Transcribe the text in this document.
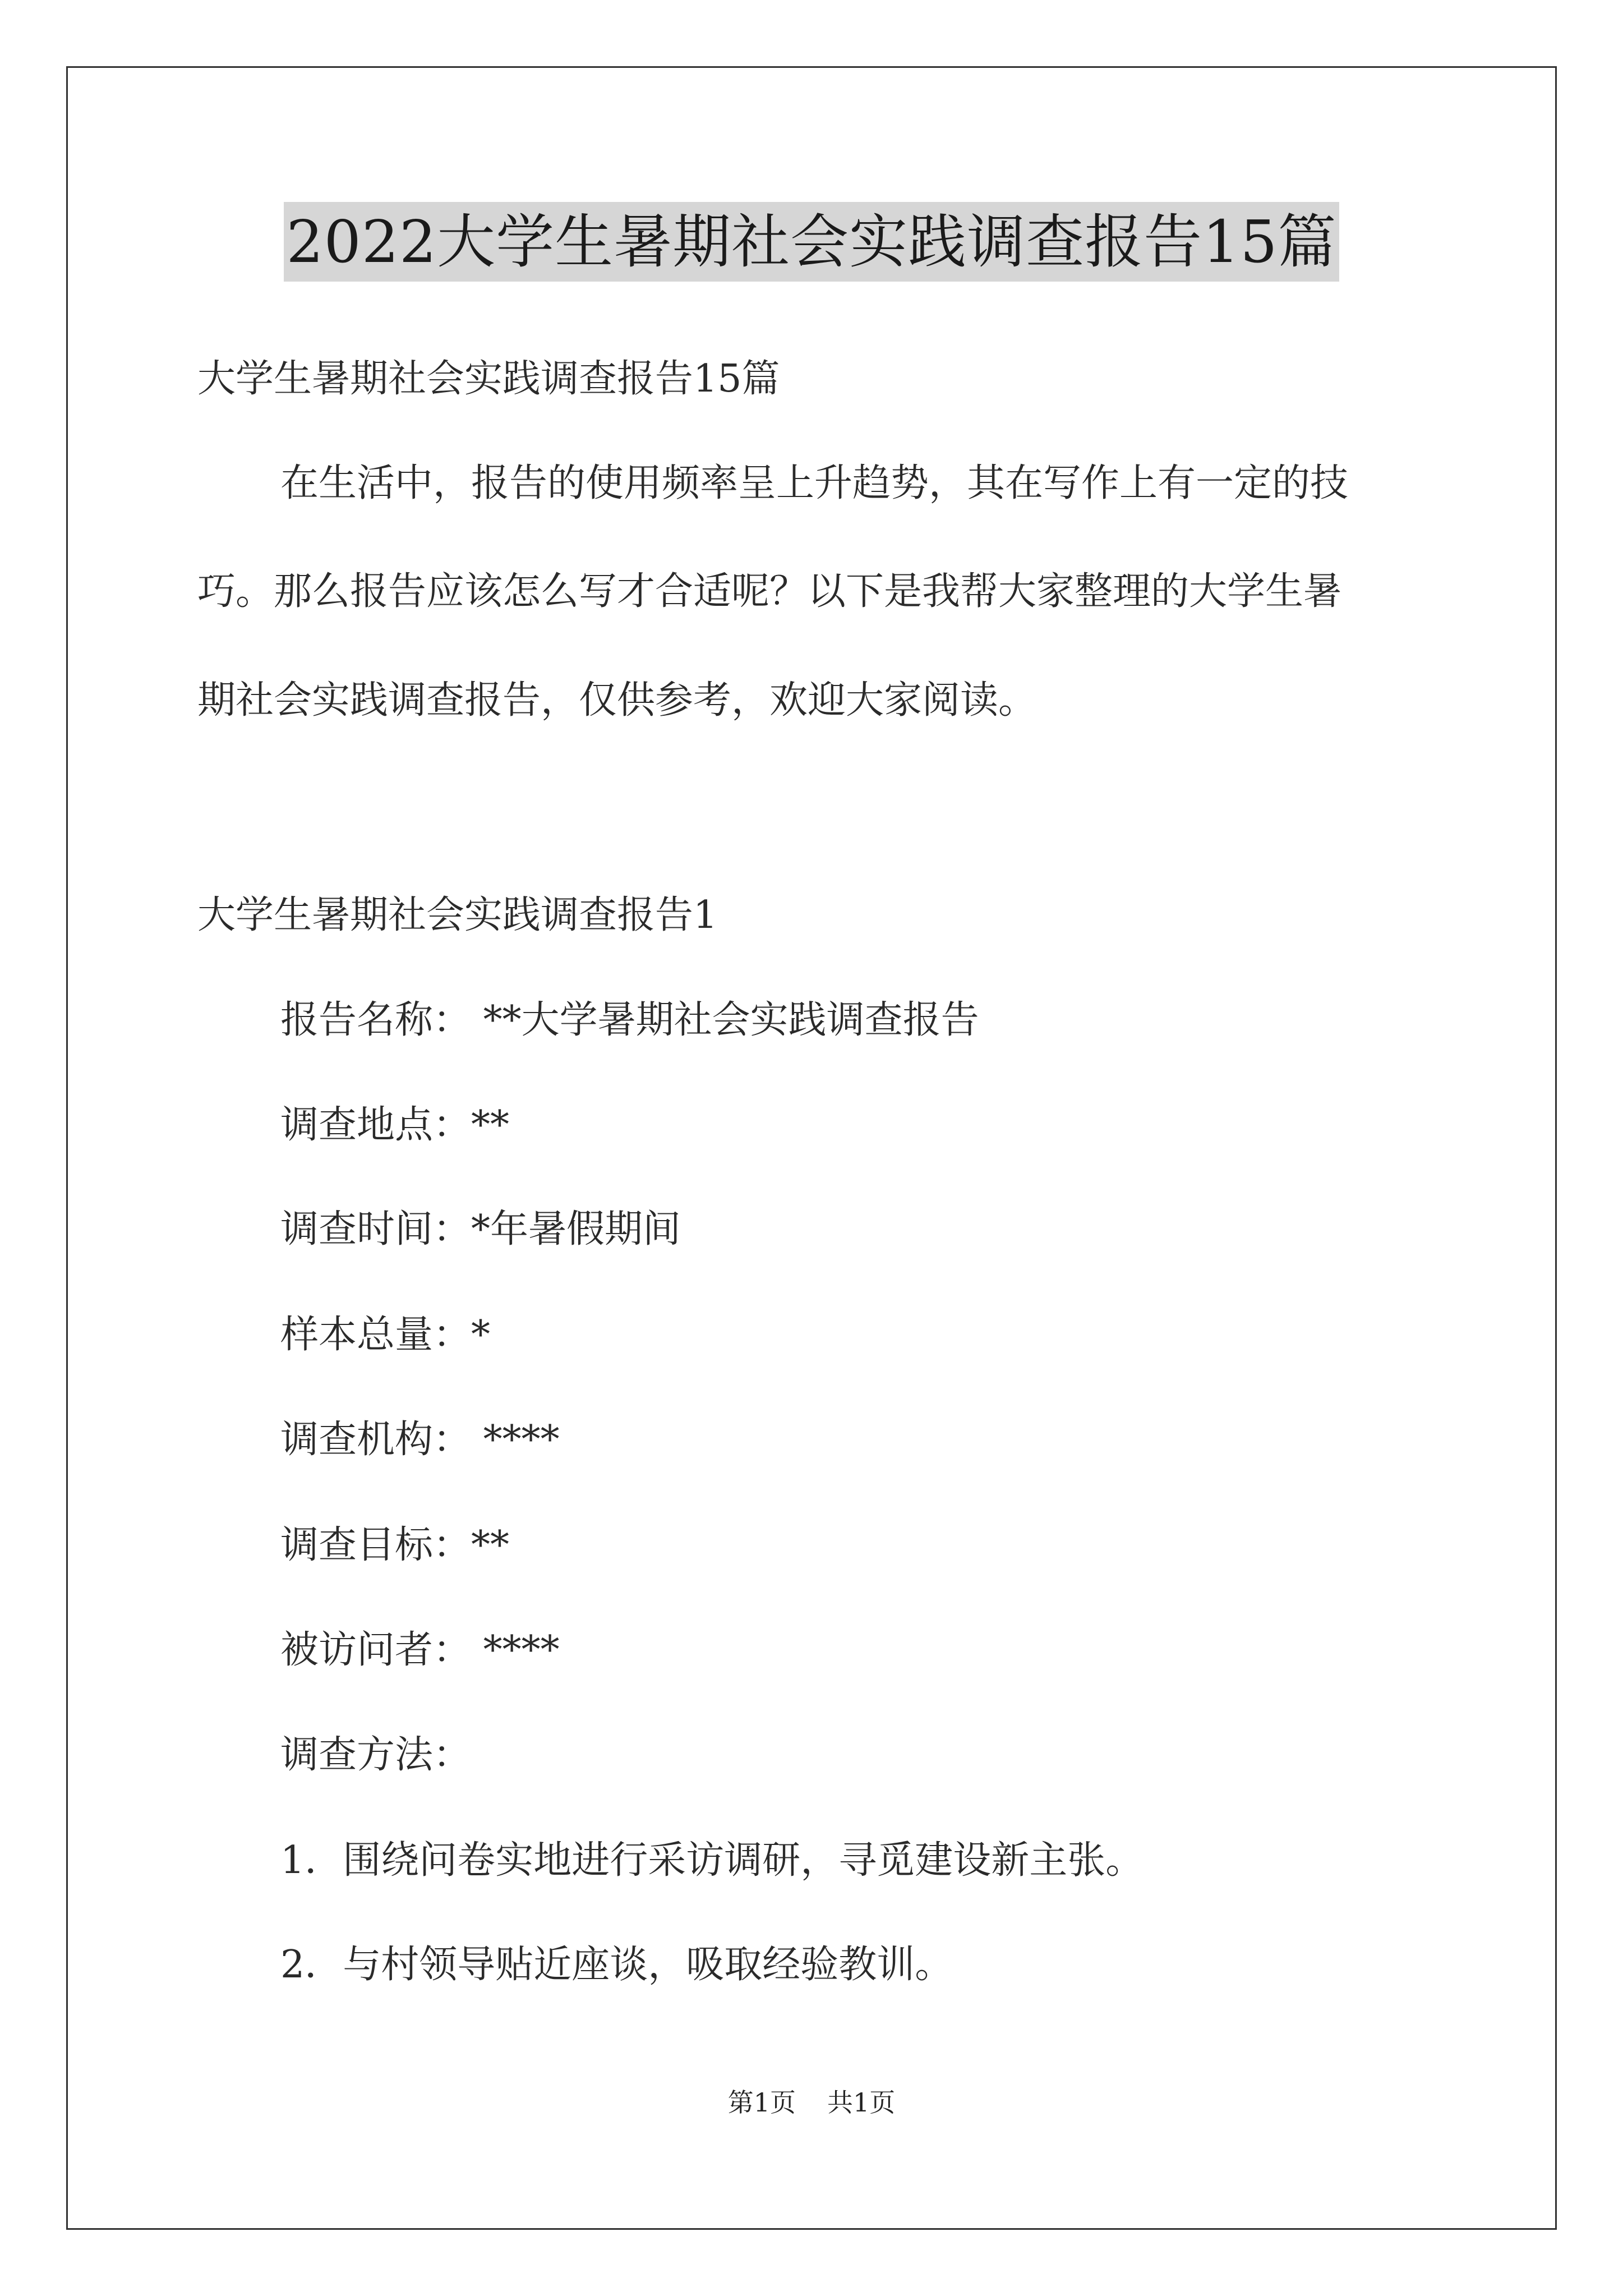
2022大学生暑期社会实践调查报告15篇
大学生暑期社会实践调查报告15篇
在生活中，报告的使用频率呈上升趋势，其在写作上有一定的技
巧。那么报告应该怎么写才合适呢？以下是我帮大家整理的大学生暑
期社会实践调查报告，仅供参考，欢迎大家阅读。
大学生暑期社会实践调查报告1
报告名称： **大学暑期社会实践调查报告
调查地点：**
调查时间：*年暑假期间
样本总量：*
调查机构： ****
调查目标：**
被访问者： ****
调查方法：
1．围绕问卷实地进行采访调研，寻觅建设新主张。
2．与村领导贴近座谈，吸取经验教训。
第1页 共1页
